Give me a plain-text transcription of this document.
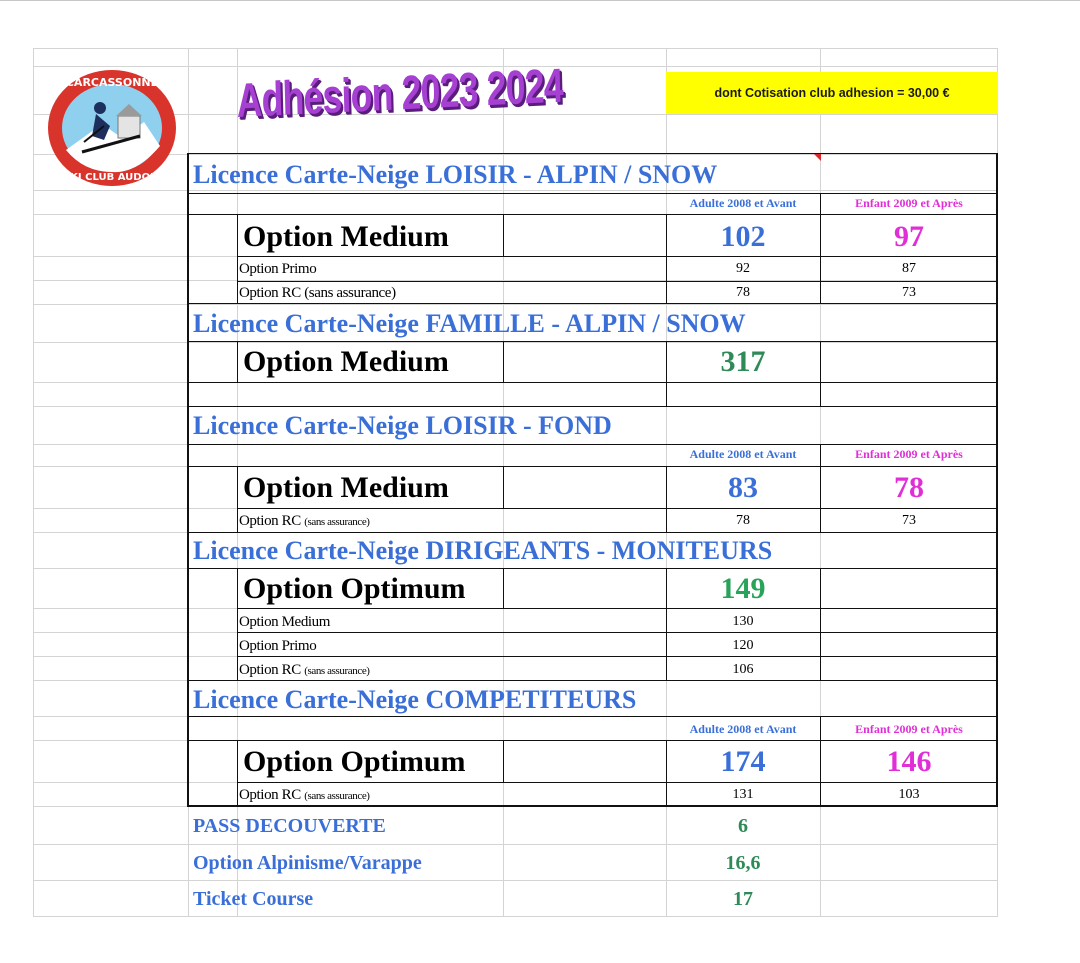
CARCASSONNE
SKI CLUB AUDOIS
Adhésion 2023 2024	dont Cotisation club adhesion = 30,00 €
Licence Carte-Neige LOISIR - ALPIN / SNOW
Adulte 2008 et Avant	Enfant 2009 et Après
Option Medium	102	97
Option Primo	92	87
Option RC (sans assurance)	78	73
Licence Carte-Neige FAMILLE - ALPIN / SNOW
Option Medium	317
Licence Carte-Neige LOISIR - FOND
Adulte 2008 et Avant	Enfant 2009 et Après
Option Medium	83	78
Option RC (sans assurance)	78	73
Licence Carte-Neige DIRIGEANTS - MONITEURS
Option Optimum	149
Option Medium	130
Option Primo	120
Option RC (sans assurance)	106
Licence Carte-Neige COMPETITEURS
Adulte 2008 et Avant	Enfant 2009 et Après
Option Optimum	174	146
Option RC (sans assurance)	131	103
PASS DECOUVERTE	6
Option Alpinisme/Varappe	16,6
Ticket Course	17
